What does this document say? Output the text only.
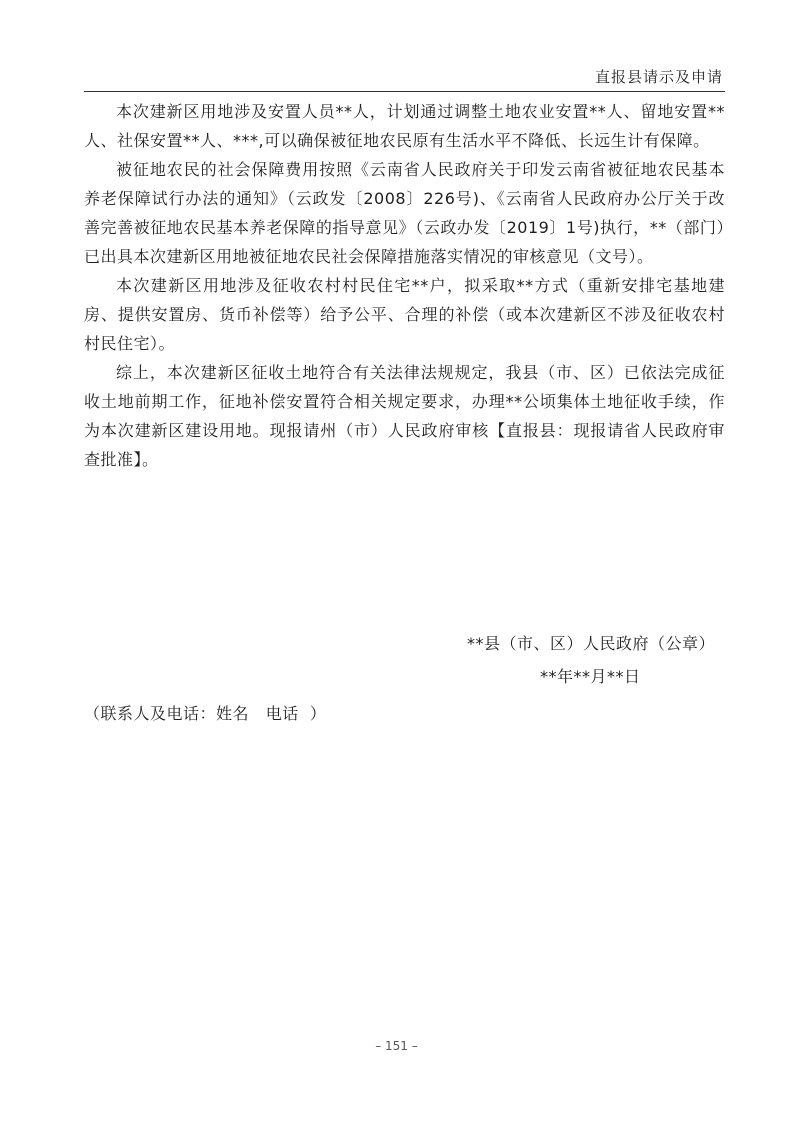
直报县请示及申请

本次建新区用地涉及安置人员**人，计划通过调整土地农业安置**人、留地安置**人、社保安置**人、***,可以确保被征地农民原有生活水平不降低、长远生计有保障。

被征地农民的社会保障费用按照《云南省人民政府关于印发云南省被征地农民基本养老保障试行办法的通知》（云政发〔2008〕226号)、《云南省人民政府办公厅关于改善完善被征地农民基本养老保障的指导意见》（云政办发〔2019〕1号)执行，**（部门）已出具本次建新区用地被征地农民社会保障措施落实情况的审核意见（文号）。

本次建新区用地涉及征收农村村民住宅**户，拟采取**方式（重新安排宅基地建房、提供安置房、货币补偿等）给予公平、合理的补偿（或本次建新区不涉及征收农村村民住宅）。

综上，本次建新区征收土地符合有关法律法规规定，我县（市、区）已依法完成征收土地前期工作，征地补偿安置符合相关规定要求，办理**公顷集体土地征收手续，作为本次建新区建设用地。现报请州（市）人民政府审核【直报县：现报请省人民政府审查批准】。

**县（市、区）人民政府（公章）
**年**月**日
（联系人及电话：姓名   电话  ）
– 151 –
